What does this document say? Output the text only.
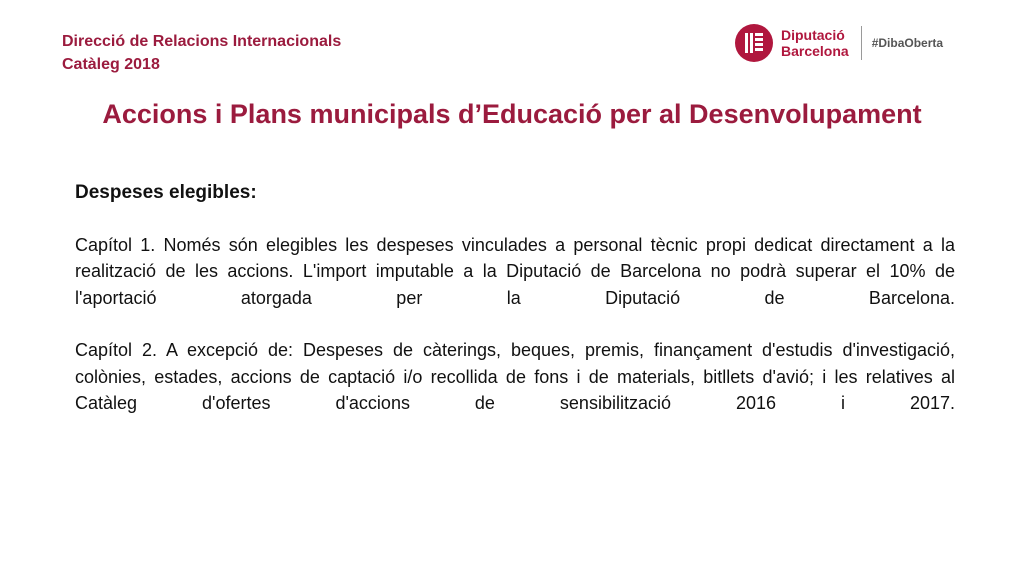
Direcció de Relacions Internacionals
Catàleg 2018
Diputació
Barcelona #DibaOberta
Accions i Plans municipals d’Educació per al Desenvolupament
Despeses elegibles:

Capítol 1. Només són elegibles les despeses vinculades a personal tècnic propi dedicat directament a la realització de les accions. L'import imputable a la Diputació de Barcelona no podrà superar el 10% de l'aportació atorgada per la Diputació de Barcelona.

Capítol 2. A excepció de: Despeses de càterings, beques, premis, finançament d'estudis d'investigació, colònies, estades, accions de captació i/o recollida de fons i de materials, bitllets d'avió; i les relatives al Catàleg d'ofertes d'accions de sensibilització 2016 i 2017.
